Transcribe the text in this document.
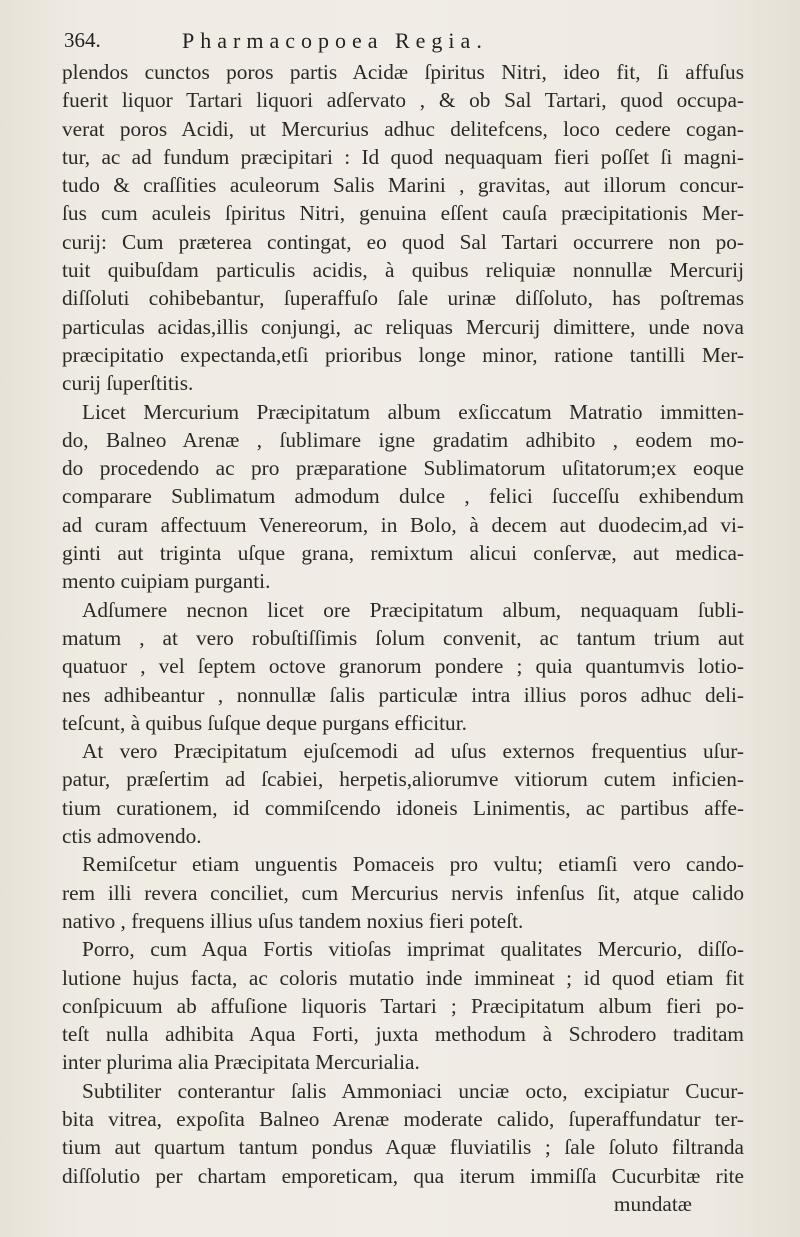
364.	Pharmacopoea Regia.
plendos cunctos poros partis Acidæ ſpiritus Nitri, ideo fit, ſi affuſus
fuerit liquor Tartari liquori adſervato , & ob Sal Tartari, quod occupa-
verat poros Acidi, ut Mercurius adhuc delitefcens, loco cedere cogan-
tur, ac ad fundum præcipitari : Id quod nequaquam fieri poſſet ſi magni-
tudo & craſſities aculeorum Salis Marini , gravitas, aut illorum concur-
ſus cum aculeis ſpiritus Nitri, genuina eſſent cauſa præcipitationis Mer-
curij: Cum præterea contingat, eo quod Sal Tartari occurrere non po-
tuit quibuſdam particulis acidis, à quibus reliquiæ nonnullæ Mercurij
diſſoluti cohibebantur, ſuperaffuſo ſale urinæ diſſoluto, has poſtremas
particulas acidas,illis conjungi, ac reliquas Mercurij dimittere, unde nova
præcipitatio expectanda,etſi prioribus longe minor, ratione tantilli Mer-
curij ſuperſtitis.
Licet Mercurium Præcipitatum album exſiccatum Matratio immitten-
do, Balneo Arenæ , ſublimare igne gradatim adhibito , eodem mo-
do procedendo ac pro præparatione Sublimatorum uſitatorum;ex eoque
comparare Sublimatum admodum dulce , felici ſucceſſu exhibendum
ad curam affectuum Venereorum, in Bolo, à decem aut duodecim,ad vi-
ginti aut triginta uſque grana, remixtum alicui conſervæ, aut medica-
mento cuipiam purganti.
Adſumere necnon licet ore Præcipitatum album, nequaquam ſubli-
matum , at vero robuſtiſſimis ſolum convenit, ac tantum trium aut
quatuor , vel ſeptem octove granorum pondere ; quia quantumvis lotio-
nes adhibeantur , nonnullæ ſalis particulæ intra illius poros adhuc deli-
teſcunt, à quibus ſuſque deque purgans efficitur.
At vero Præcipitatum ejuſcemodi ad uſus externos frequentius uſur-
patur, præſertim ad ſcabiei, herpetis,aliorumve vitiorum cutem inficien-
tium curationem, id commiſcendo idoneis Linimentis, ac partibus affe-
ctis admovendo.
Remiſcetur etiam unguentis Pomaceis pro vultu; etiamſi vero cando-
rem illi revera conciliet, cum Mercurius nervis infenſus ſit, atque calido
nativo , frequens illius uſus tandem noxius fieri poteſt.
Porro, cum Aqua Fortis vitioſas imprimat qualitates Mercurio, diſſo-
lutione hujus facta, ac coloris mutatio inde immineat ; id quod etiam fit
conſpicuum ab affuſione liquoris Tartari ; Præcipitatum album fieri po-
teſt nulla adhibita Aqua Forti, juxta methodum à Schrodero traditam
inter plurima alia Præcipitata Mercurialia.
Subtiliter conterantur ſalis Ammoniaci unciæ octo, excipiatur Cucur-
bita vitrea, expoſita Balneo Arenæ moderate calido, ſuperaffundatur ter-
tium aut quartum tantum pondus Aquæ fluviatilis ; ſale ſoluto filtranda
diſſolutio per chartam emporeticam, qua iterum immiſſa Cucurbitæ rite
mundatæ
